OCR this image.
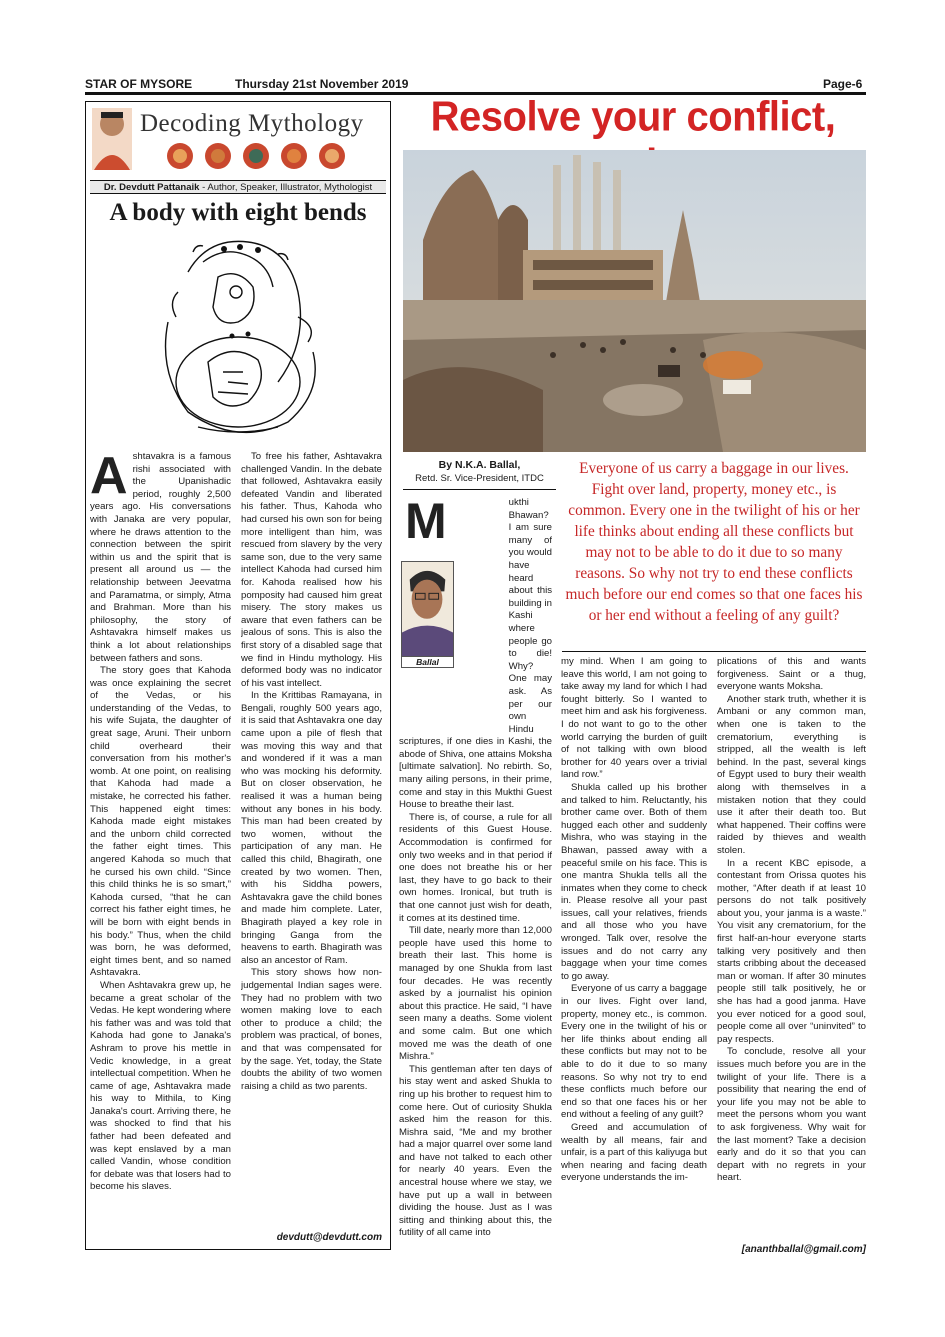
STAR OF MYSORE	Thursday 21st November 2019	Page-6
Decoding Mythology
Dr. Devdutt Pattanaik - Author, Speaker, Illustrator, Mythologist
A body with eight bends
A shtavakra is a famous rishi associated with the Upanishadic period, roughly 2,500 years ago. His conversations with Janaka are very popular, where he draws attention to the connection between the spirit within us and the spirit that is present all around us — the relationship between Jeevatma and Paramatma, or simply, Atma and Brahman. More than his philosophy, the story of Ashtavakra himself makes us think a lot about relationships between fathers and sons.

The story goes that Kahoda was once explaining the secret of the Vedas, or his understanding of the Vedas, to his wife Sujata, the daughter of great sage, Aruni. Their unborn child overheard their conversation from his mother's womb. At one point, on realising that Kahoda had made a mistake, he corrected his father. This happened eight times: Kahoda made eight mistakes and the unborn child corrected the father eight times. This angered Kahoda so much that he cursed his own child. “Since this child thinks he is so smart,” Kahoda cursed, “that he can correct his father eight times, he will be born with eight bends in his body.” Thus, when the child was born, he was deformed, eight times bent, and so named Ashtavakra.

When Ashtavakra grew up, he became a great scholar of the Vedas. He kept wondering where his father was and was told that Kahoda had gone to Janaka's Ashram to prove his mettle in Vedic knowledge, in a great intellectual competition. When he came of age, Ashtavakra made his way to Mithila, to King Janaka's court. Arriving there, he was shocked to find that his father had been defeated and was kept enslaved by a man called Vandin, whose condition for debate was that losers had to become his slaves.

To free his father, Ashtavakra challenged Vandin. In the debate that followed, Ashtavakra easily defeated Vandin and liberated his father. Thus, Kahoda who had cursed his own son for being more intelligent than him, was rescued from slavery by the very same son, due to the very same intellect Kahoda had cursed him for. Kahoda realised how his pomposity had caused him great misery. The story makes us aware that even fathers can be jealous of sons. This is also the first story of a disabled sage that we find in Hindu mythology. His deformed body was no indicator of his vast intellect.

In the Krittibas Ramayana, in Bengali, roughly 500 years ago, it is said that Ashtavakra one day came upon a pile of flesh that was moving this way and that and wondered if it was a man who was mocking his deformity. But on closer observation, he realised it was a human being without any bones in his body. This man had been created by two women, without the participation of any man. He called this child, Bhagirath, one created by two women. Then, with his Siddha powers, Ashtavakra gave the child bones and made him complete. Later, Bhagirath played a key role in bringing Ganga from the heavens to earth. Bhagirath was also an ancestor of Ram.

This story shows how non-judgemental Indian sages were. They had no problem with two women making love to each other to produce a child; the problem was practical, of bones, and that was compensated for by the sage. Yet, today, the State doubts the ability of two women raising a child as two parents.

devdutt@devdutt.com
Resolve your conflict,
By N.K.A. Ballal,
Retd. Sr. Vice-President, ITDC
Everyone of us carry a baggage in our lives. Fight over land, property, money etc., is common. Every one in the twilight of his or her life thinks about ending all these conflicts but may not to be able to do it due to so many reasons. So why not try to end these conflicts much before our end comes so that one faces his or her end without a feeling of any guilt?
M	ukthi Bhawan? I am sure many of you would have heard about this building in Kashi where people go to die! Why? One may ask. As per our own Hindu scriptures, if one dies in Kashi, the abode of Shiva, one attains Moksha [ultimate salvation]. No rebirth. So, many ailing persons, in their prime, come and stay in this Mukthi Guest House to breathe their last.

There is, of course, a rule for all residents of this Guest House. Accommodation is confirmed for only two weeks and in that period if one does not breathe his or her last, they have to go back to their own homes. Ironical, but truth is that one cannot just wish for death, it comes at its destined time.

Till date, nearly more than 12,000 people have used this home to breath their last. This home is managed by one Shukla from last four decades. He was recently asked by a journalist his opinion about this practice. He said, “I have seen many a deaths. Some violent and some calm. But one which moved me was the death of one Mishra.”

This gentleman after ten days of his stay went and asked Shukla to ring up his brother to request him to come here. Out of curiosity Shukla asked him the reason for this. Mishra said, “Me and my brother had a major quarrel over some land and have not talked to each other for nearly 40 years. Even the ancestral house where we stay, we have put up a wall in between dividing the house. Just as I was sitting and thinking about this, the futility of all came into

Ballal	my mind. When I am going to leave this world, I am not going to take away my land for which I had fought bitterly. So I wanted to meet him and ask his forgiveness. I do not want to go to the other world carrying the burden of guilt of not talking with own blood brother for 40 years over a trivial land row.”

Shukla called up his brother and talked to him. Reluctantly, his brother came over. Both of them hugged each other and suddenly Mishra, who was staying in the Bhawan, passed away with a peaceful smile on his face. This is one mantra Shukla tells all the inmates when they come to check in. Please resolve all your past issues, call your relatives, friends and all those who you have wronged. Talk over, resolve the issues and do not carry any baggage when your time comes to go away.

Everyone of us carry a baggage in our lives. Fight over land, property, money etc., is common. Every one in the twilight of his or her life thinks about ending all these conflicts but may not to be able to do it due to so many reasons. So why not try to end these conflicts much before our end so that one faces his or her end without a feeling of any guilt?

Greed and accumulation of wealth by all means, fair and unfair, is a part of this kaliyuga but when nearing and facing death everyone understands the im-

plications of this and wants forgiveness. Saint or a thug, everyone wants Moksha.

Another stark truth, whether it is Ambani or any common man, when one is taken to the crematorium, everything is stripped, all the wealth is left behind. In the past, several kings of Egypt used to bury their wealth along with themselves in a mistaken notion that they could use it after their death too. But what happened. Their coffins were raided by thieves and wealth stolen.

In a recent KBC episode, a contestant from Orissa quotes his mother, “After death if at least 10 persons do not talk positively about you, your janma is a waste.” You visit any crematorium, for the first half-an-hour everyone starts talking very positively and then starts cribbing about the deceased man or woman. If after 30 minutes people still talk positively, he or she has had a good janma. Have you ever noticed for a good soul, people come all over “uninvited” to pay respects.

To conclude, resolve all your issues much before you are in the twilight of your life. There is a possibility that nearing the end of your life you may not be able to meet the persons whom you want to ask forgiveness. Why wait for the last moment? Take a decision early and do it so that you can depart with no regrets in your heart.

[ananthballal@gmail.com]
